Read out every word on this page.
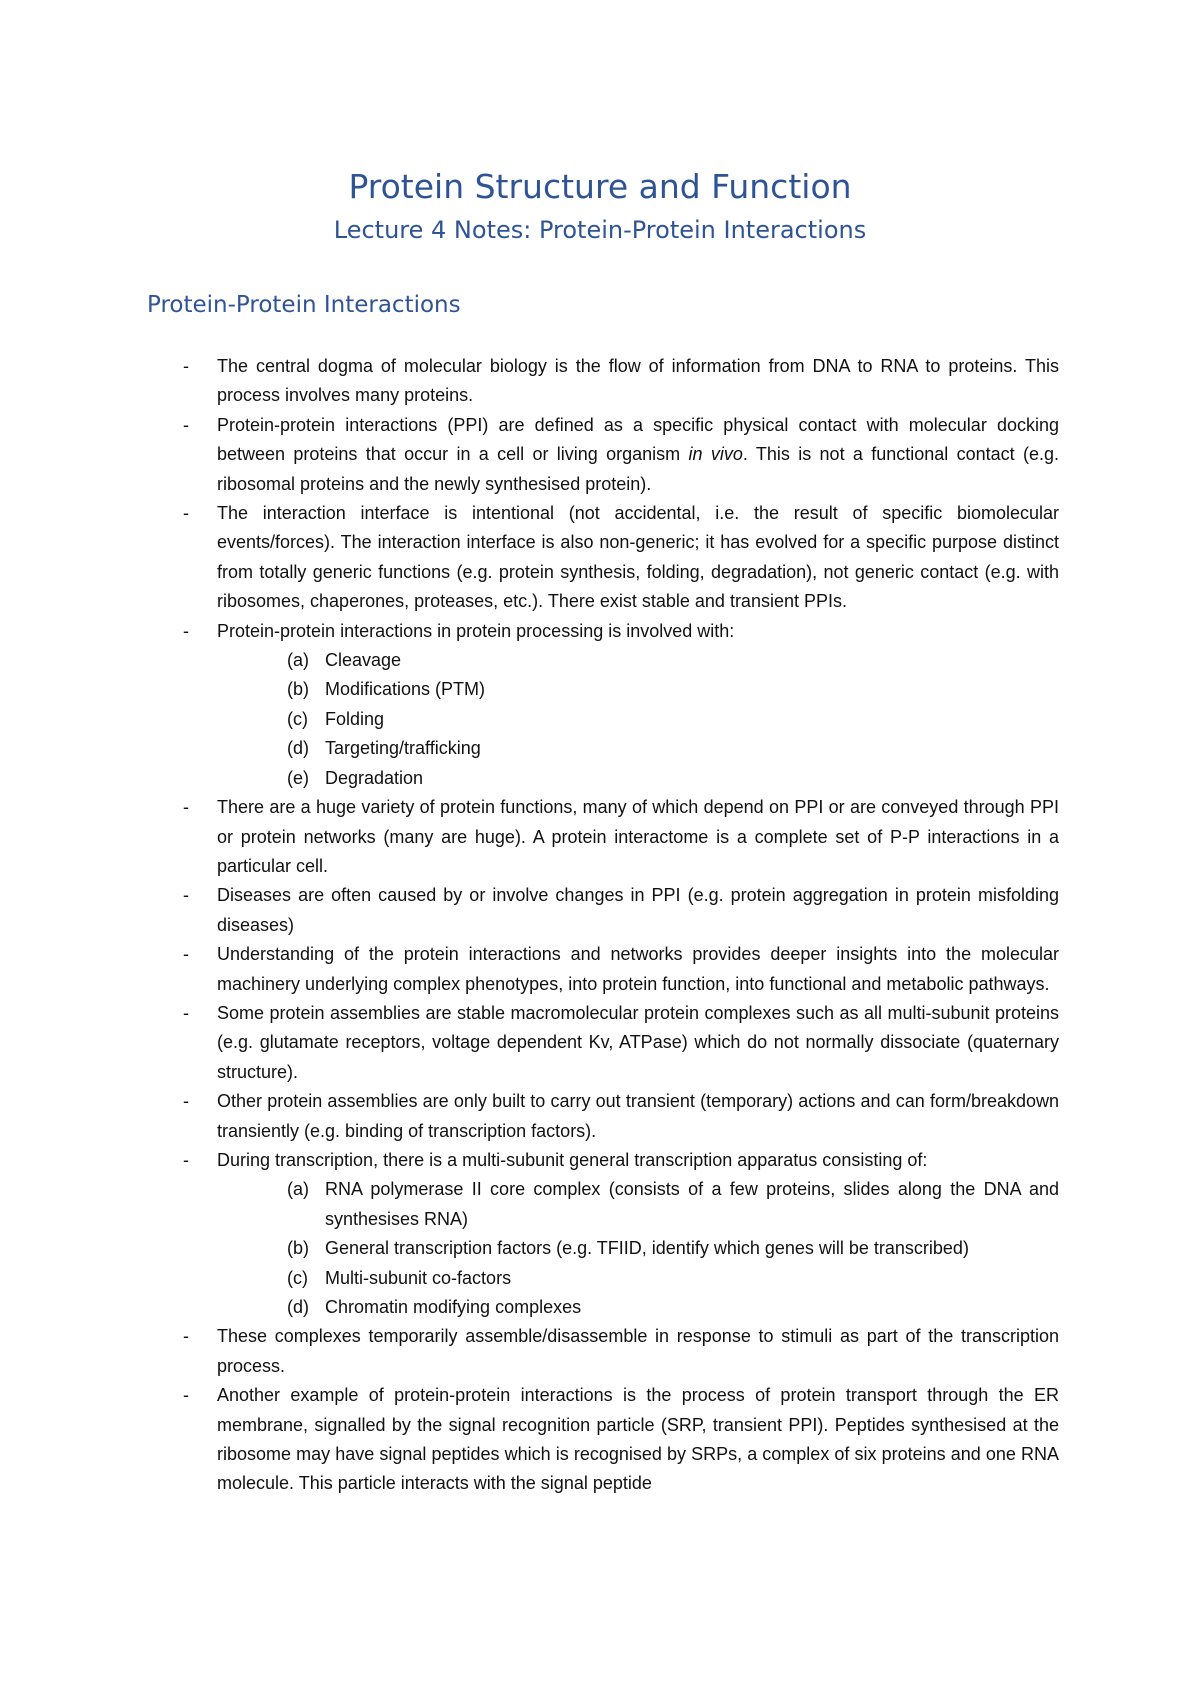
Protein Structure and Function
Lecture 4 Notes: Protein-Protein Interactions
Protein-Protein Interactions
- The central dogma of molecular biology is the flow of information from DNA to RNA to proteins. This process involves many proteins.
- Protein-protein interactions (PPI) are defined as a specific physical contact with molecular docking between proteins that occur in a cell or living organism in vivo. This is not a functional contact (e.g. ribosomal proteins and the newly synthesised protein).
- The interaction interface is intentional (not accidental, i.e. the result of specific biomolecular events/forces). The interaction interface is also non-generic; it has evolved for a specific purpose distinct from totally generic functions (e.g. protein synthesis, folding, degradation), not generic contact (e.g. with ribosomes, chaperones, proteases, etc.). There exist stable and transient PPIs.
- Protein-protein interactions in protein processing is involved with:
(a) Cleavage
(b) Modifications (PTM)
(c) Folding
(d) Targeting/trafficking
(e) Degradation
- There are a huge variety of protein functions, many of which depend on PPI or are conveyed through PPI or protein networks (many are huge). A protein interactome is a complete set of P-P interactions in a particular cell.
- Diseases are often caused by or involve changes in PPI (e.g. protein aggregation in protein misfolding diseases)
- Understanding of the protein interactions and networks provides deeper insights into the molecular machinery underlying complex phenotypes, into protein function, into functional and metabolic pathways.
- Some protein assemblies are stable macromolecular protein complexes such as all multi-subunit proteins (e.g. glutamate receptors, voltage dependent Kv, ATPase) which do not normally dissociate (quaternary structure).
- Other protein assemblies are only built to carry out transient (temporary) actions and can form/breakdown transiently (e.g. binding of transcription factors).
- During transcription, there is a multi-subunit general transcription apparatus consisting of:
(a) RNA polymerase II core complex (consists of a few proteins, slides along the DNA and synthesises RNA)
(b) General transcription factors (e.g. TFIID, identify which genes will be transcribed)
(c) Multi-subunit co-factors
(d) Chromatin modifying complexes
- These complexes temporarily assemble/disassemble in response to stimuli as part of the transcription process.
- Another example of protein-protein interactions is the process of protein transport through the ER membrane, signalled by the signal recognition particle (SRP, transient PPI). Peptides synthesised at the ribosome may have signal peptides which is recognised by SRPs, a complex of six proteins and one RNA molecule. This particle interacts with the signal peptide
